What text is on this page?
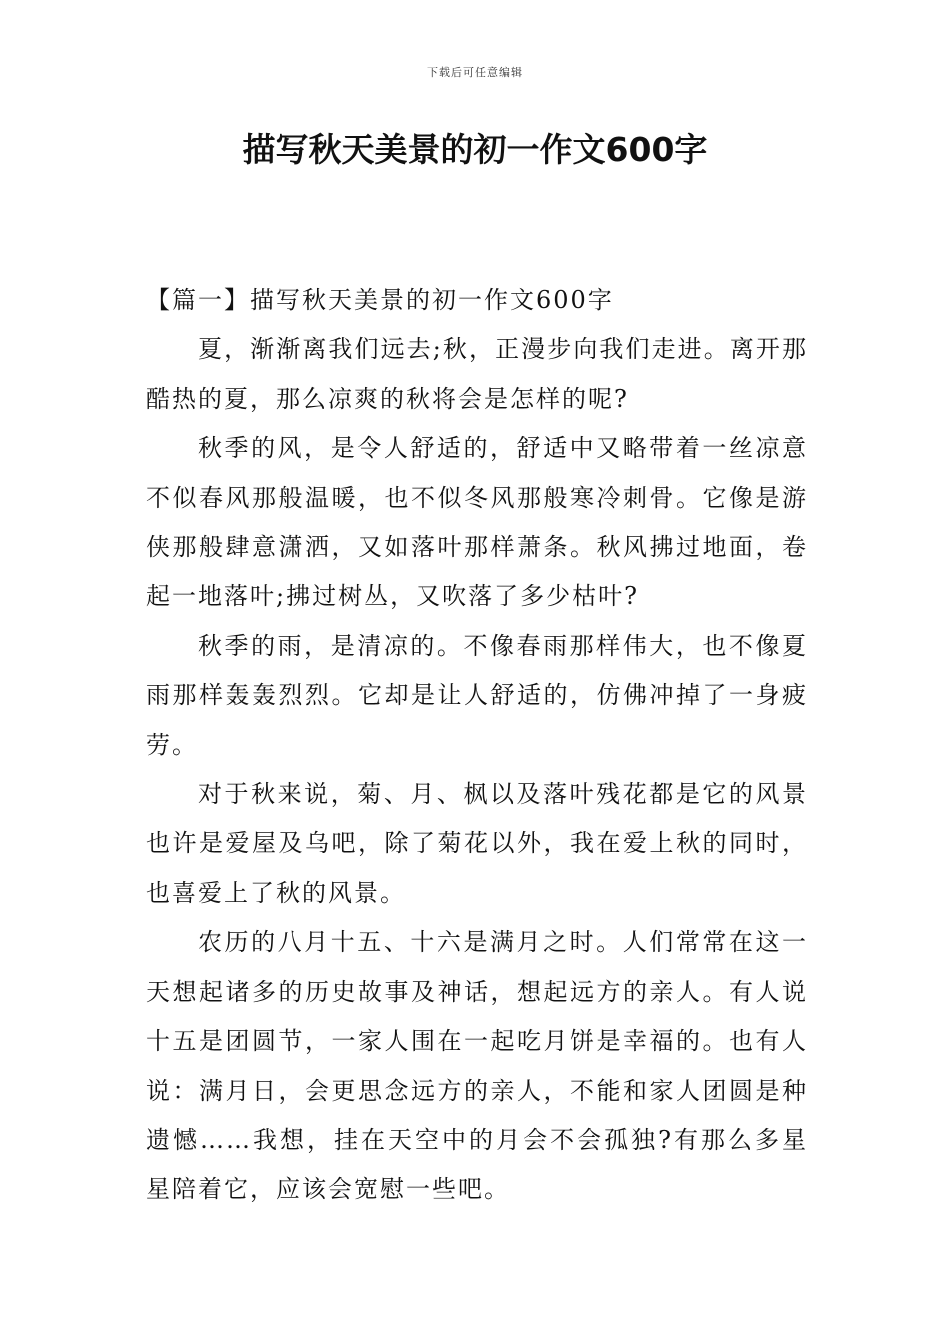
下载后可任意编辑
描写秋天美景的初一作文600字

【篇一】描写秋天美景的初一作文600字

夏，渐渐离我们远去;秋，正漫步向我们走进。离开那酷热的夏，那么凉爽的秋将会是怎样的呢?

秋季的风，是令人舒适的，舒适中又略带着一丝凉意不似春风那般温暖，也不似冬风那般寒冷刺骨。它像是游侠那般肆意潇洒，又如落叶那样萧条。秋风拂过地面，卷起一地落叶;拂过树丛，又吹落了多少枯叶?

秋季的雨，是清凉的。不像春雨那样伟大，也不像夏雨那样轰轰烈烈。它却是让人舒适的，仿佛冲掉了一身疲劳。

对于秋来说，菊、月、枫以及落叶残花都是它的风景也许是爱屋及乌吧，除了菊花以外，我在爱上秋的同时，也喜爱上了秋的风景。

农历的八月十五、十六是满月之时。人们常常在这一天想起诸多的历史故事及神话，想起远方的亲人。有人说十五是团圆节，一家人围在一起吃月饼是幸福的。也有人说：满月日，会更思念远方的亲人，不能和家人团圆是种遗憾……我想，挂在天空中的月会不会孤独?有那么多星星陪着它，应该会宽慰一些吧。
